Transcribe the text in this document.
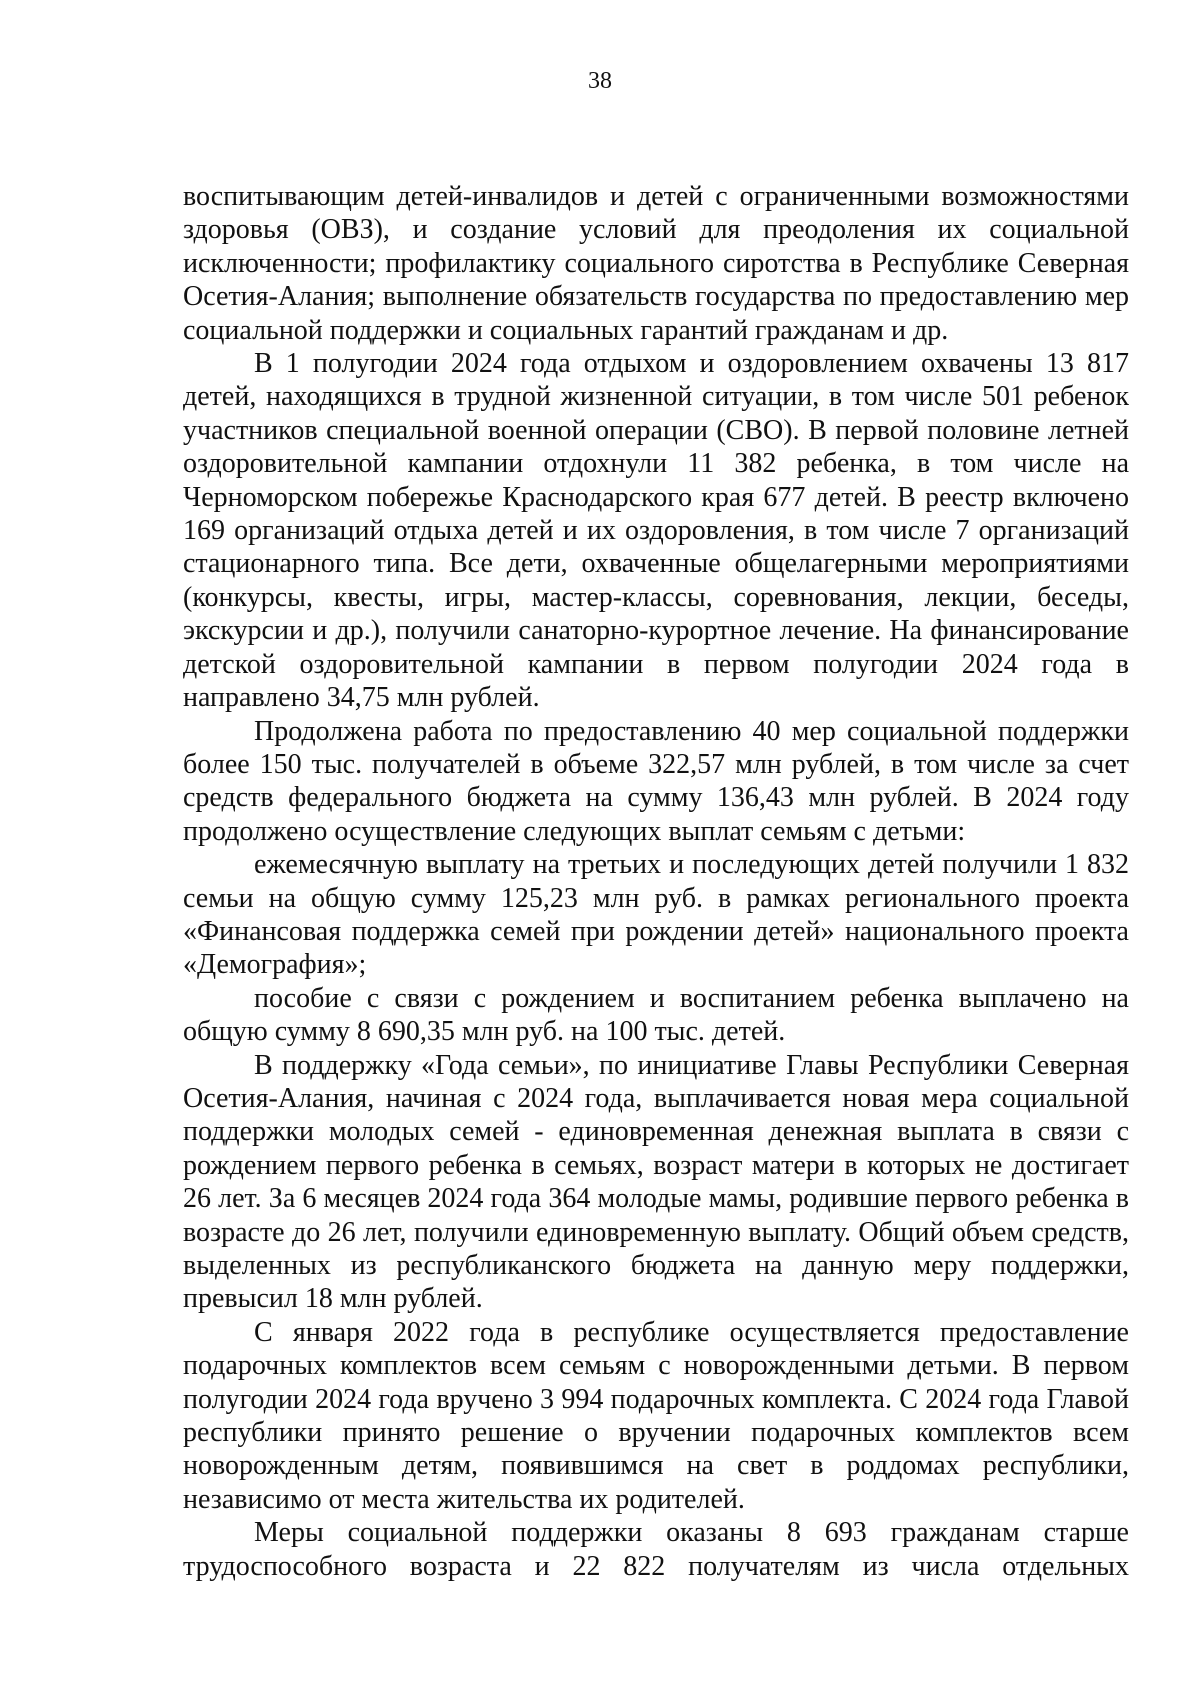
38

воспитывающим детей-инвалидов и детей с ограниченными возможностями здоровья (ОВЗ), и создание условий для преодоления их социальной исключенности; профилактику социального сиротства в Республике Северная Осетия-Алания; выполнение обязательств государства по предоставлению мер социальной поддержки и социальных гарантий гражданам и др.

В 1 полугодии 2024 года отдыхом и оздоровлением охвачены 13 817 детей, находящихся в трудной жизненной ситуации, в том числе 501 ребенок участников специальной военной операции (СВО). В первой половине летней оздоровительной кампании отдохнули 11 382 ребенка, в том числе на Черноморском побережье Краснодарского края 677 детей. В реестр включено 169 организаций отдыха детей и их оздоровления, в том числе 7 организаций стационарного типа. Все дети, охваченные общелагерными мероприятиями (конкурсы, квесты, игры, мастер-классы, соревнования, лекции, беседы, экскурсии и др.), получили санаторно-курортное лечение. На финансирование детской оздоровительной кампании в первом полугодии 2024 года в направлено 34,75 млн рублей.

Продолжена работа по предоставлению 40 мер социальной поддержки более 150 тыс. получателей в объеме 322,57 млн рублей, в том числе за счет средств федерального бюджета на сумму 136,43 млн рублей. В 2024 году продолжено осуществление следующих выплат семьям с детьми:

ежемесячную выплату на третьих и последующих детей получили 1 832 семьи на общую сумму 125,23 млн руб. в рамках регионального проекта «Финансовая поддержка семей при рождении детей» национального проекта «Демография»;

пособие с связи с рождением и воспитанием ребенка выплачено на общую сумму 8 690,35 млн руб. на 100 тыс. детей.

В поддержку «Года семьи», по инициативе Главы Республики Северная Осетия-Алания, начиная с 2024 года, выплачивается новая мера социальной поддержки молодых семей - единовременная денежная выплата в связи с рождением первого ребенка в семьях, возраст матери в которых не достигает 26 лет. За 6 месяцев 2024 года 364 молодые мамы, родившие первого ребенка в возрасте до 26 лет, получили единовременную выплату. Общий объем средств, выделенных из республиканского бюджета на данную меру поддержки, превысил 18 млн рублей.

С января 2022 года в республике осуществляется предоставление подарочных комплектов всем семьям с новорожденными детьми. В первом полугодии 2024 года вручено 3 994 подарочных комплекта. С 2024 года Главой республики принято решение о вручении подарочных комплектов всем новорожденным детям, появившимся на свет в роддомах республики, независимо от места жительства их родителей.

Меры социальной поддержки оказаны 8 693 гражданам старше трудоспособного возраста и 22 822 получателям из числа отдельных
